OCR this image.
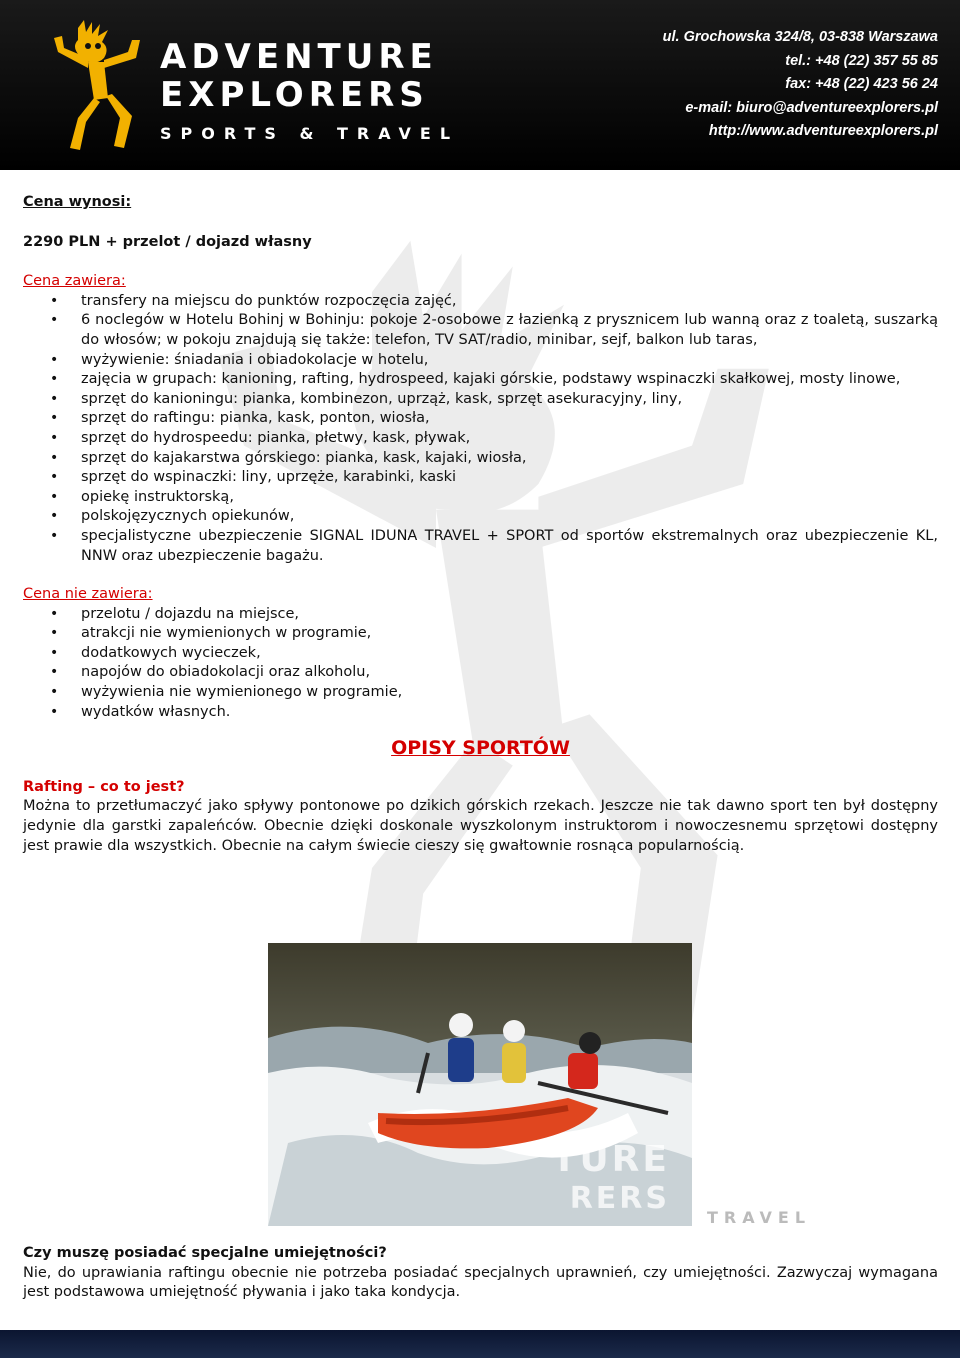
ADVENTURE
EXPLORERS
SPORTS & TRAVEL
ul. Grochowska 324/8, 03-838 Warszawa
tel.: +48 (22) 357 55 85
fax: +48 (22) 423 56 24
e-mail: biuro@adventureexplorers.pl
http://www.adventureexplorers.pl

Cena wynosi:

2290 PLN + przelot / dojazd własny

Cena zawiera:

• transfery na miejscu do punktów rozpoczęcia zajęć,
• 6 noclegów w Hotelu Bohinj w Bohinju: pokoje 2-osobowe z łazienką z prysznicem lub wanną oraz z toaletą, suszarką do włosów; w pokoju znajdują się także: telefon, TV SAT/radio, minibar, sejf, balkon lub taras,
• wyżywienie: śniadania i obiadokolacje w hotelu,
• zajęcia w grupach: kanioning, rafting, hydrospeed, kajaki górskie, podstawy wspinaczki skałkowej, mosty linowe,
• sprzęt do kanioningu: pianka, kombinezon, uprząż, kask, sprzęt asekuracyjny, liny,
• sprzęt do raftingu: pianka, kask, ponton, wiosła,
• sprzęt do hydrospeedu: pianka, płetwy, kask, pływak,
• sprzęt do kajakarstwa górskiego: pianka, kask, kajaki, wiosła,
• sprzęt do wspinaczki: liny, uprzęże, karabinki, kaski
• opiekę instruktorską,
• polskojęzycznych opiekunów,
• specjalistyczne ubezpieczenie SIGNAL IDUNA TRAVEL + SPORT od sportów ekstremalnych oraz ubezpieczenie KL, NNW oraz ubezpieczenie bagażu.

Cena nie zawiera:

• przelotu / dojazdu na miejsce,
• atrakcji nie wymienionych w programie,
• dodatkowych wycieczek,
• napojów do obiadokolacji oraz alkoholu,
• wyżywienia nie wymienionego w programie,
• wydatków własnych.

OPISY SPORTÓW

Rafting – co to jest?

Można to przetłumaczyć jako spływy pontonowe po dzikich górskich rzekach. Jeszcze nie tak dawno sport ten był dostępny jedynie dla garstki zapaleńców. Obecnie dzięki doskonale wyszkolonym instruktorom i nowoczesnemu sprzętowi dostępny jest prawie dla wszystkich. Obecnie na całym świecie cieszy się gwałtownie rosnąca popularnością.

TURE
RERS
TRAVEL

Czy muszę posiadać specjalne umiejętności?

Nie, do uprawiania raftingu obecnie nie potrzeba posiadać specjalnych uprawnień, czy umiejętności. Zazwyczaj wymagana jest podstawowa umiejętność pływania i jako taka kondycja.
